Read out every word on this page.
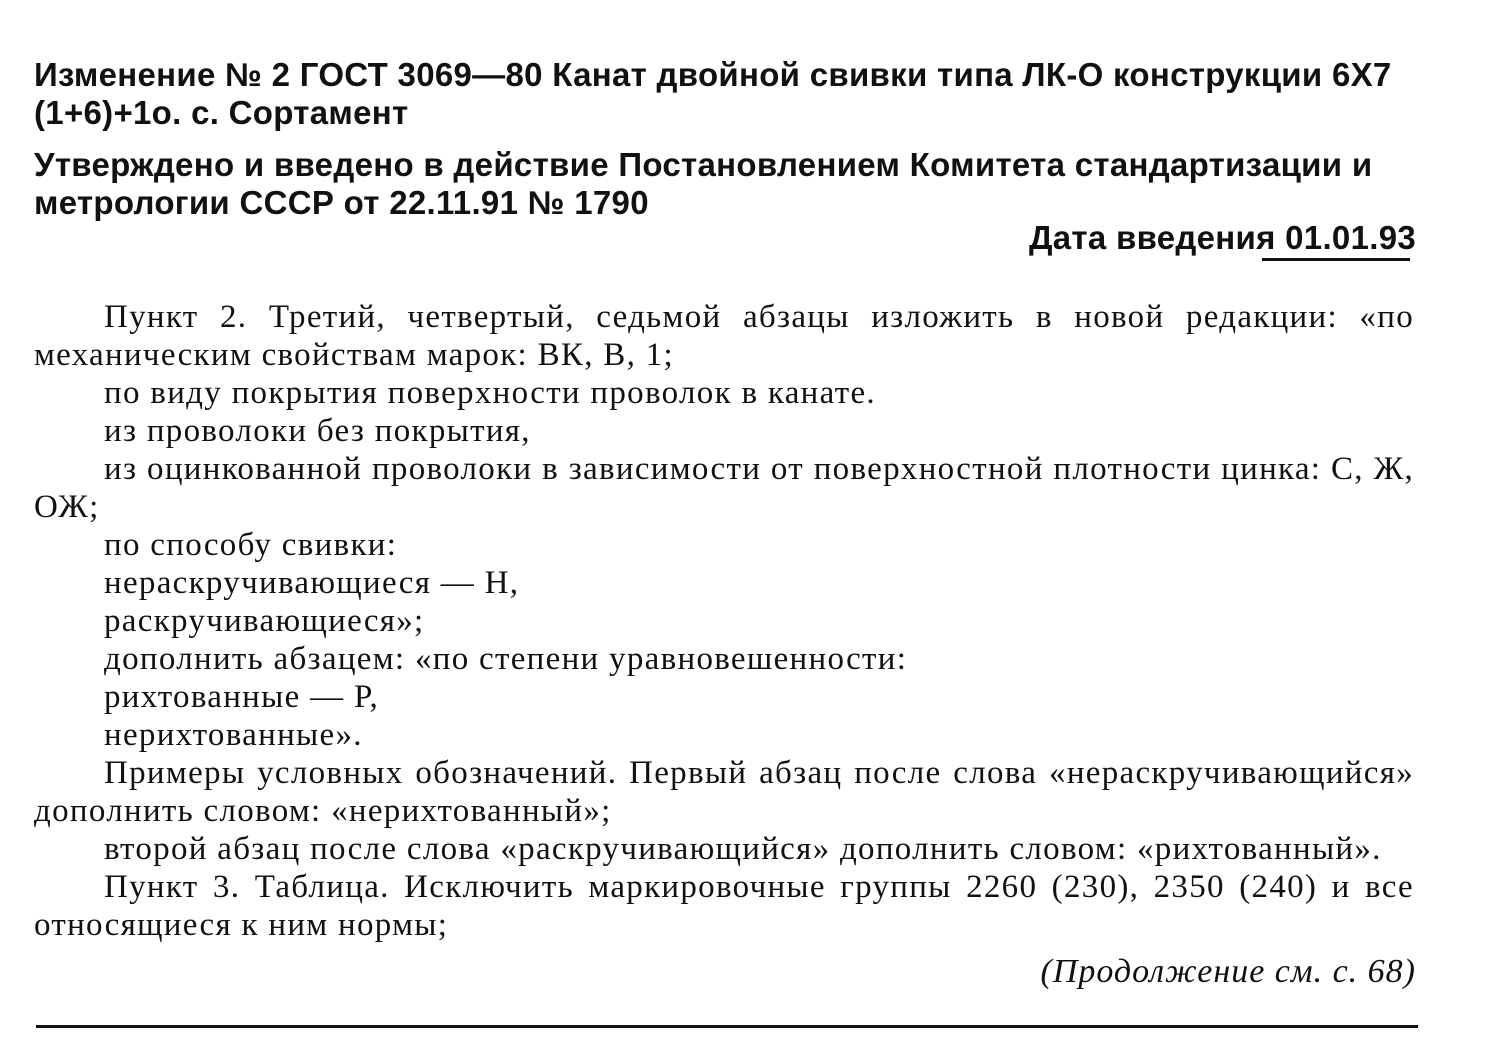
Изменение № 2 ГОСТ 3069—80 Канат двойной свивки типа ЛК-О конструкции 6Х7 (1+6)+1о. с. Сортамент
Утверждено и введено в действие Постановлением Комитета стандартизации и метрологии СССР от 22.11.91 № 1790
Дата введения 01.01.93

Пункт 2. Третий, четвертый, седьмой абзацы изложить в новой редакции: «по механическим свойствам марок: ВК, В, 1;

по виду покрытия поверхности проволок в канате.

из проволоки без покрытия,

из оцинкованной проволоки в зависимости от поверхностной плотности цинка: С, Ж, ОЖ;

по способу свивки:

нераскручивающиеся — Н,

раскручивающиеся»;

дополнить абзацем: «по степени уравновешенности:

рихтованные — Р,

нерихтованные».

Примеры условных обозначений. Первый абзац после слова «нераскручивающийся» дополнить словом: «нерихтованный»;

второй абзац после слова «раскручивающийся» дополнить словом: «рихтованный».

Пункт 3. Таблица. Исключить маркировочные группы 2260 (230), 2350 (240) и все относящиеся к ним нормы;

(Продолжение см. с. 68)
